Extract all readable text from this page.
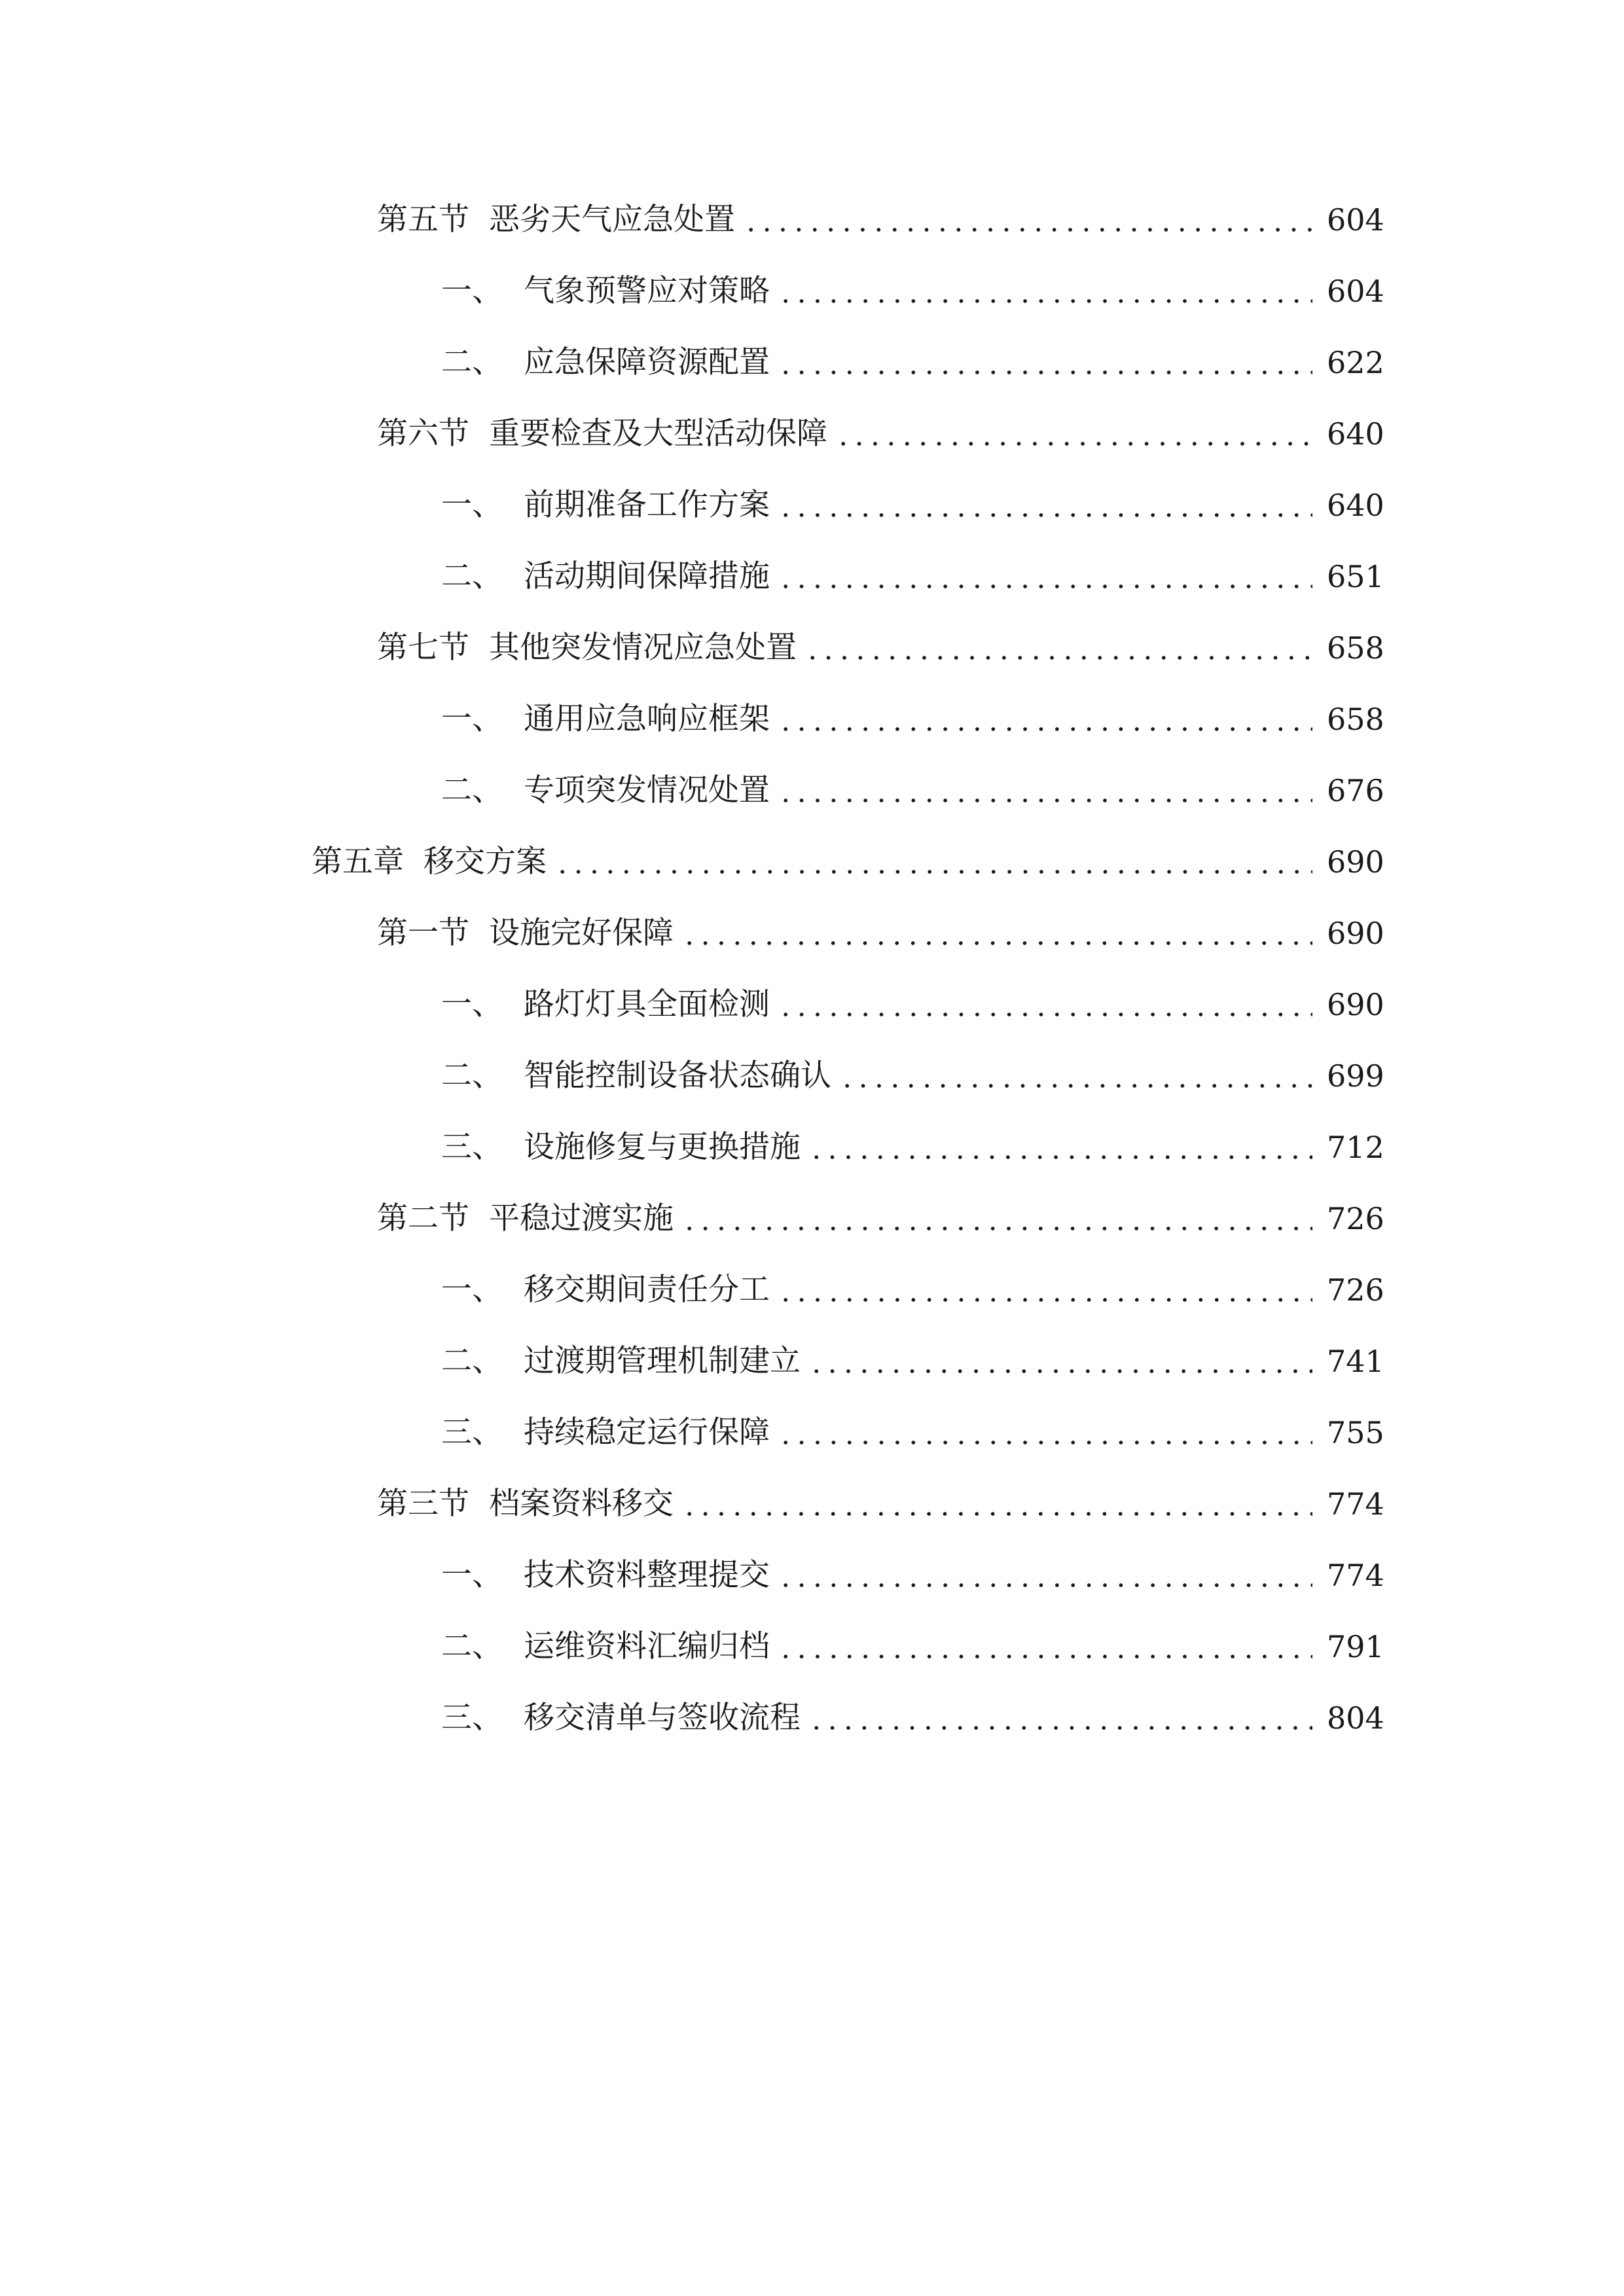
第五节 恶劣天气应急处置	604
一、 气象预警应对策略	604
二、 应急保障资源配置	622
第六节 重要检查及大型活动保障	640
一、 前期准备工作方案	640
二、 活动期间保障措施	651
第七节 其他突发情况应急处置	658
一、 通用应急响应框架	658
二、 专项突发情况处置	676
第五章 移交方案	690
第一节 设施完好保障	690
一、 路灯灯具全面检测	690
二、 智能控制设备状态确认	699
三、 设施修复与更换措施	712
第二节 平稳过渡实施	726
一、 移交期间责任分工	726
二、 过渡期管理机制建立	741
三、 持续稳定运行保障	755
第三节 档案资料移交	774
一、 技术资料整理提交	774
二、 运维资料汇编归档	791
三、 移交清单与签收流程	804
